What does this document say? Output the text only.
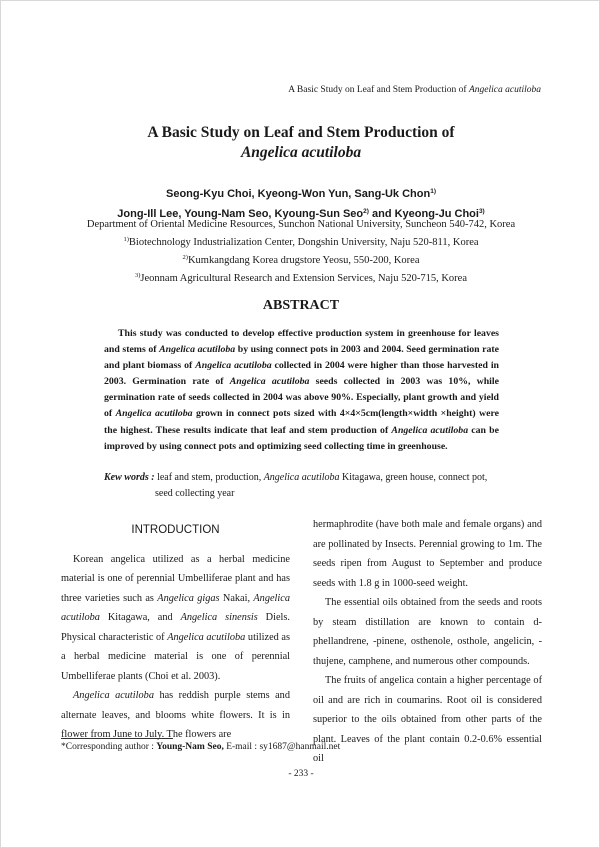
A Basic Study on Leaf and Stem Production of Angelica acutiloba
A Basic Study on Leaf and Stem Production of
Angelica acutiloba
Seong-Kyu Choi, Kyeong-Won Yun, Sang-Uk Chon$^{1)}$
Jong-Ill Lee, Young-Nam Seo, Kyoung-Sun Seo$^{2)}$ and Kyeong-Ju Choi$^{3)}$
Department of Oriental Medicine Resources, Sunchon National University, Suncheon 540-742, Korea
$^{1)}$Biotechnology Industrialization Center, Dongshin University, Naju 520-811, Korea
$^{2)}$Kumkangdang Korea drugstore Yeosu, 550-200, Korea
$^{3)}$Jeonnam Agricultural Research and Extension Services, Naju 520-715, Korea
ABSTRACT
This study was conducted to develop effective production system in greenhouse for leaves and stems of Angelica acutiloba by using connect pots in 2003 and 2004. Seed germination rate and plant biomass of Angelica acutiloba collected in 2004 were higher than those harvested in 2003. Germination rate of Angelica acutiloba seeds collected in 2003 was 10%, while germination rate of seeds collected in 2004 was above 90%. Especially, plant growth and yield of Angelica acutiloba grown in connect pots sized with 4×4×5cm(length×width ×height) were the highest. These results indicate that leaf and stem production of Angelica acutiloba can be improved by using connect pots and optimizing seed collecting time in greenhouse.
Kew words : leaf and stem, production, Angelica acutiloba Kitagawa, green house, connect pot,
seed collecting year
INTRODUCTION

Korean angelica utilized as a herbal medicine material is one of perennial Umbelliferae plant and has three varieties such as Angelica gigas Nakai, Angelica acutiloba Kitagawa, and Angelica sinensis Diels. Physical characteristic of Angelica acutiloba utilized as a herbal medicine material is one of perennial Umbelliferae plants (Choi et al. 2003).

Angelica acutiloba has reddish purple stems and alternate leaves, and blooms white flowers. It is in flower from June to July. The flowers are

hermaphrodite (have both male and female organs) and are pollinated by Insects. Perennial growing to 1m. The seeds ripen from August to September and produce seeds with 1.8 g in 1000-seed weight.

The essential oils obtained from the seeds and roots by steam distillation are known to contain d-phellandrene, -pinene, osthenole, osthole, angelicin, -thujene, camphene, and numerous other compounds.

The fruits of angelica contain a higher percentage of oil and are rich in coumarins. Root oil is considered superior to the oils obtained from other parts of the plant. Leaves of the plant contain 0.2-0.6% essential oil

*Corresponding author : Young-Nam Seo, E-mail : sy1687@hanmail.net
- 233 -
